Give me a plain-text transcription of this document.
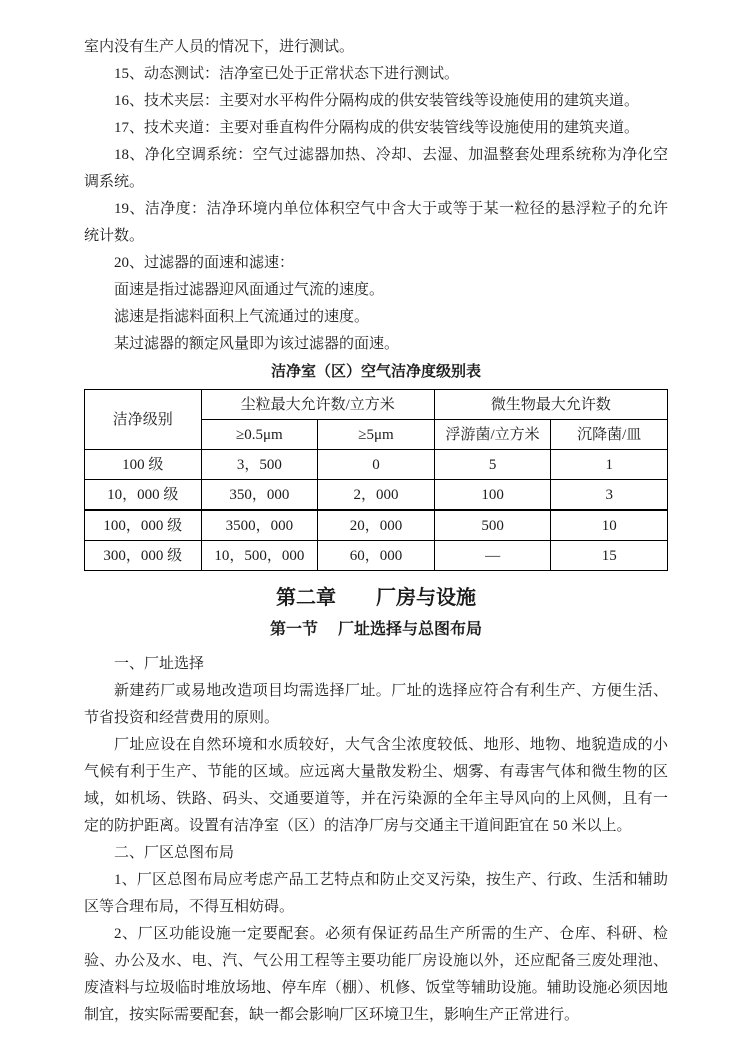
室内没有生产人员的情况下，进行测试。

15、动态测试：洁净室已处于正常状态下进行测试。

16、技术夹层：主要对水平构件分隔构成的供安装管线等设施使用的建筑夹道。

17、技术夹道：主要对垂直构件分隔构成的供安装管线等设施使用的建筑夹道。

18、净化空调系统：空气过滤器加热、冷却、去湿、加温整套处理系统称为净化空调系统。

19、洁净度：洁净环境内单位体积空气中含大于或等于某一粒径的悬浮粒子的允许统计数。

20、过滤器的面速和滤速：

面速是指过滤器迎风面通过气流的速度。

滤速是指滤料面积上气流通过的速度。

某过滤器的额定风量即为该过滤器的面速。

洁净室（区）空气洁净度级别表
洁净级别	尘粒最大允许数/立方米		微生物最大允许数	
	≥0.5μm	≥5μm	浮游菌/立方米	沉降菌/皿
100 级	3，500	0	5	1
10，000 级	350，000	2，000	100	3
100，000 级	3500，000	20，000	500	10
300，000 级	10，500，000	60，000	—	15
第二章　　厂房与设施
第一节　 厂址选择与总图布局

一、厂址选择

新建药厂或易地改造项目均需选择厂址。厂址的选择应符合有利生产、方便生活、节省投资和经营费用的原则。

厂址应设在自然环境和水质较好，大气含尘浓度较低、地形、地物、地貌造成的小气候有利于生产、节能的区域。应远离大量散发粉尘、烟雾、有毒害气体和微生物的区域，如机场、铁路、码头、交通要道等，并在污染源的全年主导风向的上风侧，且有一定的防护距离。设置有洁净室（区）的洁净厂房与交通主干道间距宜在 50 米以上。

二、厂区总图布局

1、厂区总图布局应考虑产品工艺特点和防止交叉污染，按生产、行政、生活和辅助区等合理布局，不得互相妨碍。

2、厂区功能设施一定要配套。必须有保证药品生产所需的生产、仓库、科研、检验、办公及水、电、汽、气公用工程等主要功能厂房设施以外，还应配备三废处理池、废渣料与垃圾临时堆放场地、停车库（棚）、机修、饭堂等辅助设施。辅助设施必须因地制宜，按实际需要配套，缺一都会影响厂区环境卫生，影响生产正常进行。
